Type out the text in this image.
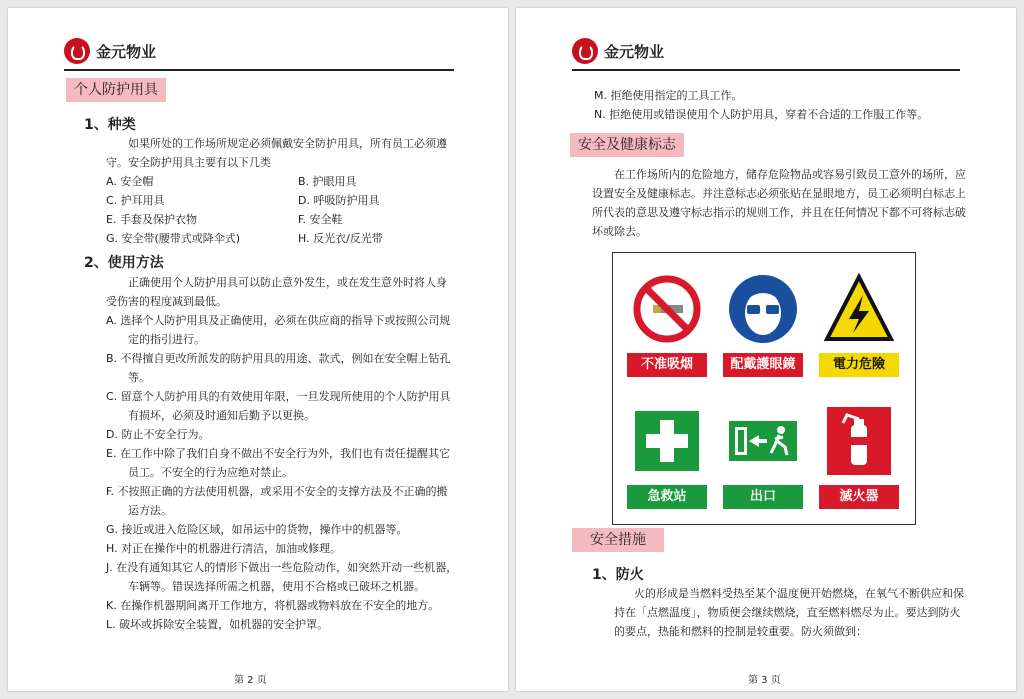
金元物业
个人防护用具
1、种类
如果所处的工作场所规定必须佩戴安全防护用具，所有员工必须遵
守。安全防护用具主要有以下几类
A. 安全帽	B. 护眼用具
C. 护耳用具	D. 呼吸防护用具
E. 手套及保护衣物	F. 安全鞋
G. 安全带(腰带式或降伞式)	H. 反光衣/反光带
2、使用方法
　　正确使用个人防护用具可以防止意外发生，或在发生意外时将人身
受伤害的程度减到最低。
A. 选择个人防护用具及正确使用，必须在供应商的指导下或按照公司规
　　定的指引进行。
B. 不得擅自更改所派发的防护用具的用途、款式，例如在安全帽上钻孔
　　等。
C. 留意个人防护用具的有效使用年限，一旦发现所使用的个人防护用具
　　有损坏，必须及时通知后勤予以更换。
D. 防止不安全行为。
E. 在工作中除了我们自身不做出不安全行为外，我们也有责任提醒其它
　　员工。不安全的行为应绝对禁止。
F. 不按照正确的方法使用机器，或采用不安全的支撑方法及不正确的搬
　　运方法。
G. 接近或进入危险区域，如吊运中的货物，操作中的机器等。
H. 对正在操作中的机器进行清洁，加油或修理。
J. 在没有通知其它人的情形下做出一些危险动作，如突然开动一些机器，
　　车辆等。错误选择所需之机器，使用不合格或已破坏之机器。
K. 在操作机器期间离开工作地方，将机器或物料放在不安全的地方。
L. 破坏或拆除安全装置，如机器的安全护罩。
第 2 页
金元物业
M. 拒绝使用指定的工具工作。
N. 拒绝使用或错误使用个人防护用具，穿着不合适的工作服工作等。
安全及健康标志
　　在工作场所内的危险地方，储存危险物品或容易引致员工意外的场所，应
设置安全及健康标志。并注意标志必须张贴在显眼地方，员工必须明白标志上
所代表的意思及遵守标志指示的规则工作，并且在任何情况下都不可将标志破
坏或除去。
不准吸烟	配戴護眼鏡	電力危險
急救站	出口	滅火器
安全措施
1、防火
火的形成是当燃料受热至某个温度便开始燃烧，在氧气不断供应和保
持在「点燃温度」，物质便会继续燃烧，直至燃料燃尽为止。要达到防火
的要点，热能和燃料的控制是较重要。防火须做到：
第 3 页
